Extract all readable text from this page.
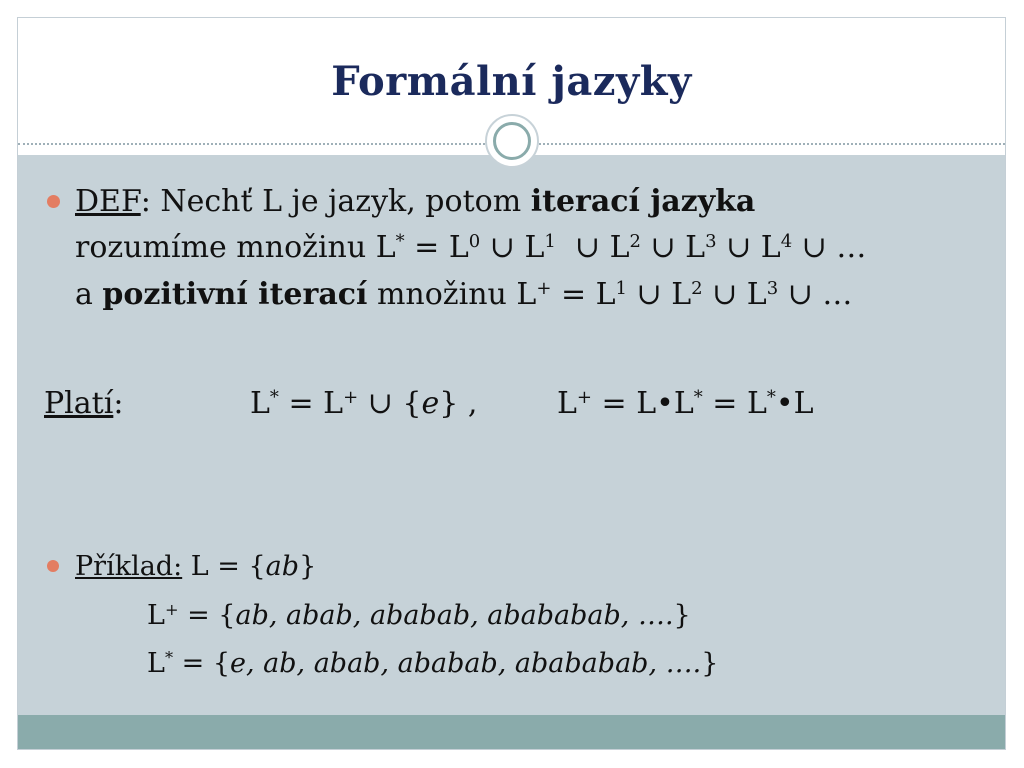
Formální jazyky
DEF: Nechť L je jazyk, potom iterací jazyka
rozumíme množinu $L^* = L^0$ ∪ $L^1$  ∪ $L^2$ ∪ $L^3$ ∪ $L^4$ ∪ …
a pozitivní iterací množinu $L^+ = L^1$ ∪ $L^2$ ∪ $L^3$ ∪ …
Platí:	L* = L+ ∪ {e} ,	L+ = L•L* = L*•L
Příklad: L = {ab}
L+ = {ab, abab, ababab, abababab, ….}
L* = {e, ab, abab, ababab, abababab, ….}
